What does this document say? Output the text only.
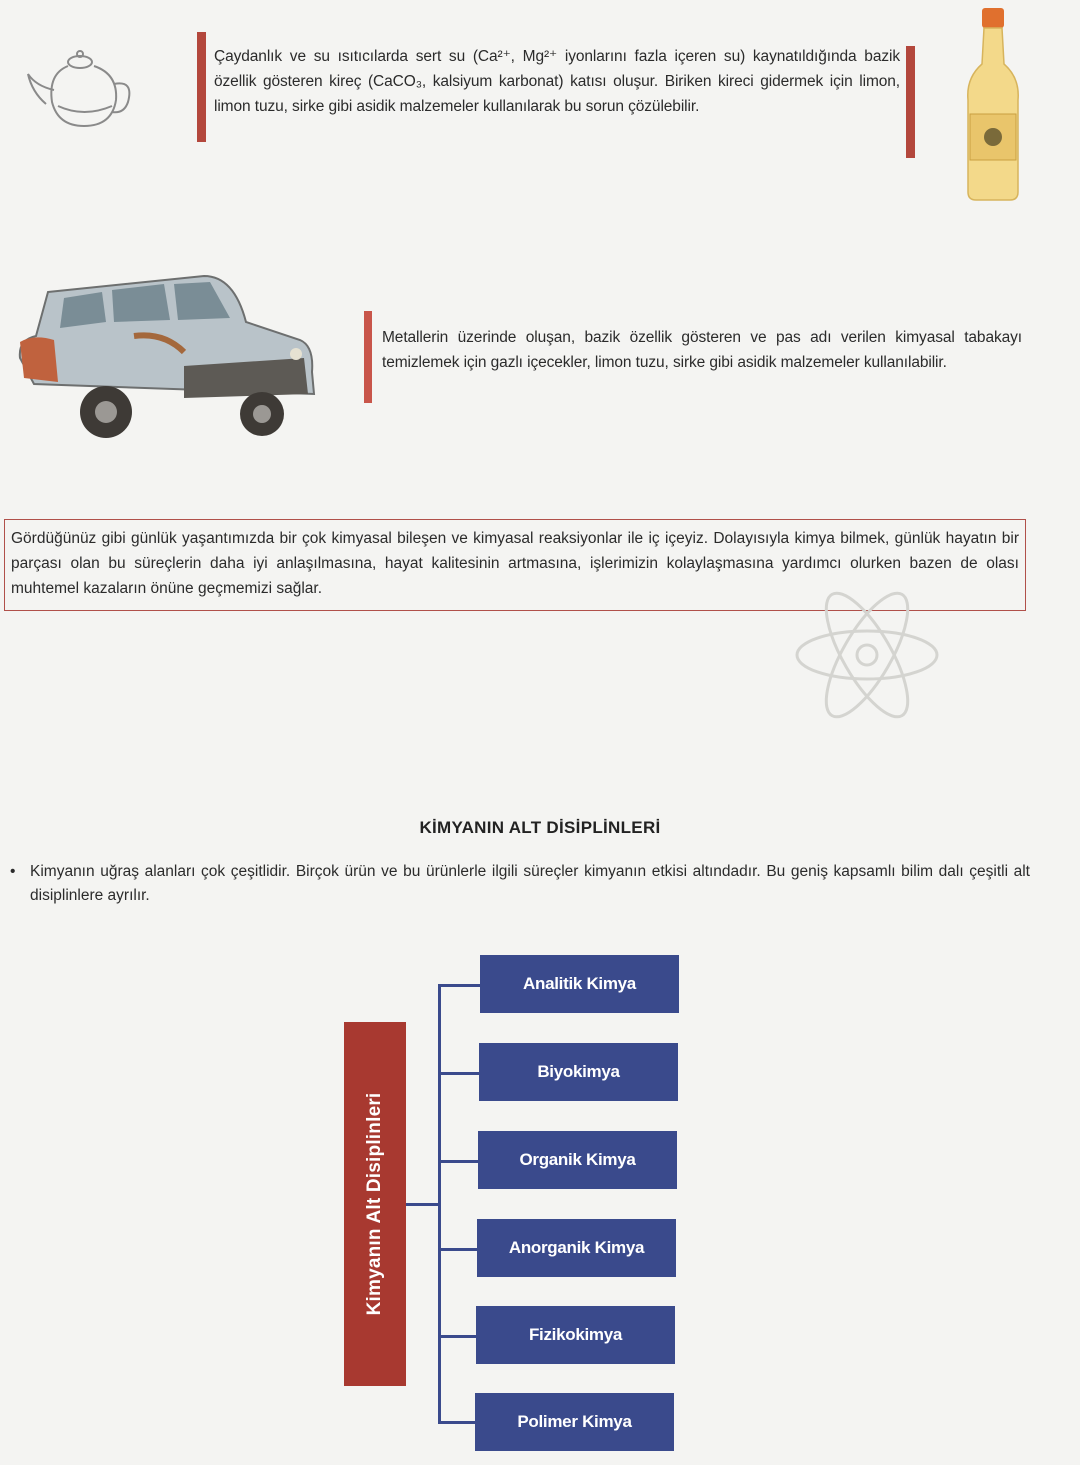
Çaydanlık ve su ısıtıcılarda sert su (Ca²⁺, Mg²⁺ iyonlarını fazla içeren su) kaynatıldığında bazik özellik gösteren kireç (CaCO₃, kalsiyum karbonat) katısı oluşur. Biriken kireci gidermek için limon, limon tuzu, sirke gibi asidik malzemeler kullanılarak bu sorun çözülebilir.
Metallerin üzerinde oluşan, bazik özellik gösteren ve pas adı verilen kimyasal tabakayı temizlemek için gazlı içecekler, limon tuzu, sirke gibi asidik malzemeler kullanılabilir.
Gördüğünüz gibi günlük yaşantımızda bir çok kimyasal bileşen ve kimyasal reaksiyonlar ile iç içeyiz. Dolayısıyla kimya bilmek, günlük hayatın bir parçası olan bu süreçlerin daha iyi anlaşılmasına, hayat kalitesinin artmasına, işlerimizin kolaylaşmasına yardımcı olurken bazen de olası muhtemel kazaların önüne geçmemizi sağlar.
KİMYANIN ALT DİSİPLİNLERİ
• Kimyanın uğraş alanları çok çeşitlidir. Birçok ürün ve bu ürünlerle ilgili süreçler kimyanın etkisi altındadır. Bu geniş kapsamlı bilim dalı çeşitli alt disiplinlere ayrılır.
Kimyanın Alt Disiplinleri
Analitik Kimya
Biyokimya
Organik Kimya
Anorganik Kimya
Fizikokimya
Polimer Kimya
